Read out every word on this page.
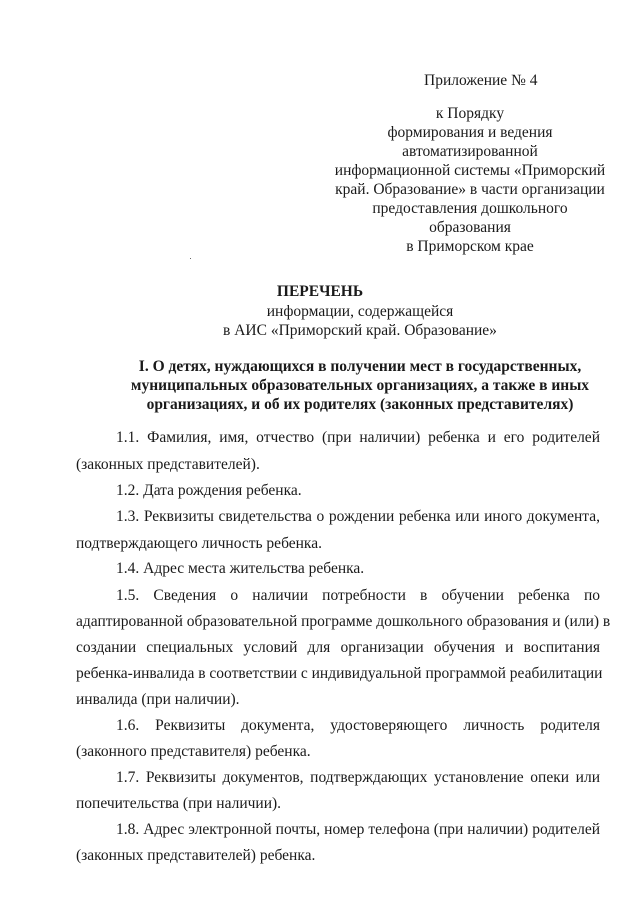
Приложение № 4
к Порядку
формирования и ведения
автоматизированной
информационной системы «Приморский
край. Образование» в части организации
предоставления дошкольного
образования
в Приморском крае
ПЕРЕЧЕНЬ
информации, содержащейся
в АИС «Приморский край. Образование»
I. О детях, нуждающихся в получении мест в государственных,
муниципальных образовательных организациях, а также в иных
организациях, и об их родителях (законных представителях)
1.1. Фамилия, имя, отчество (при наличии) ребенка и его родителей
(законных представителей).
1.2. Дата рождения ребенка.
1.3. Реквизиты свидетельства о рождении ребенка или иного документа,
подтверждающего личность ребенка.
1.4. Адрес места жительства ребенка.
1.5. Сведения о наличии потребности в обучении ребенка по
адаптированной образовательной программе дошкольного образования и (или) в
создании специальных условий для организации обучения и воспитания
ребенка-инвалида в соответствии с индивидуальной программой реабилитации
инвалида (при наличии).
1.6. Реквизиты документа, удостоверяющего личность родителя
(законного представителя) ребенка.
1.7. Реквизиты документов, подтверждающих установление опеки или
попечительства (при наличии).
1.8. Адрес электронной почты, номер телефона (при наличии) родителей
(законных представителей) ребенка.
